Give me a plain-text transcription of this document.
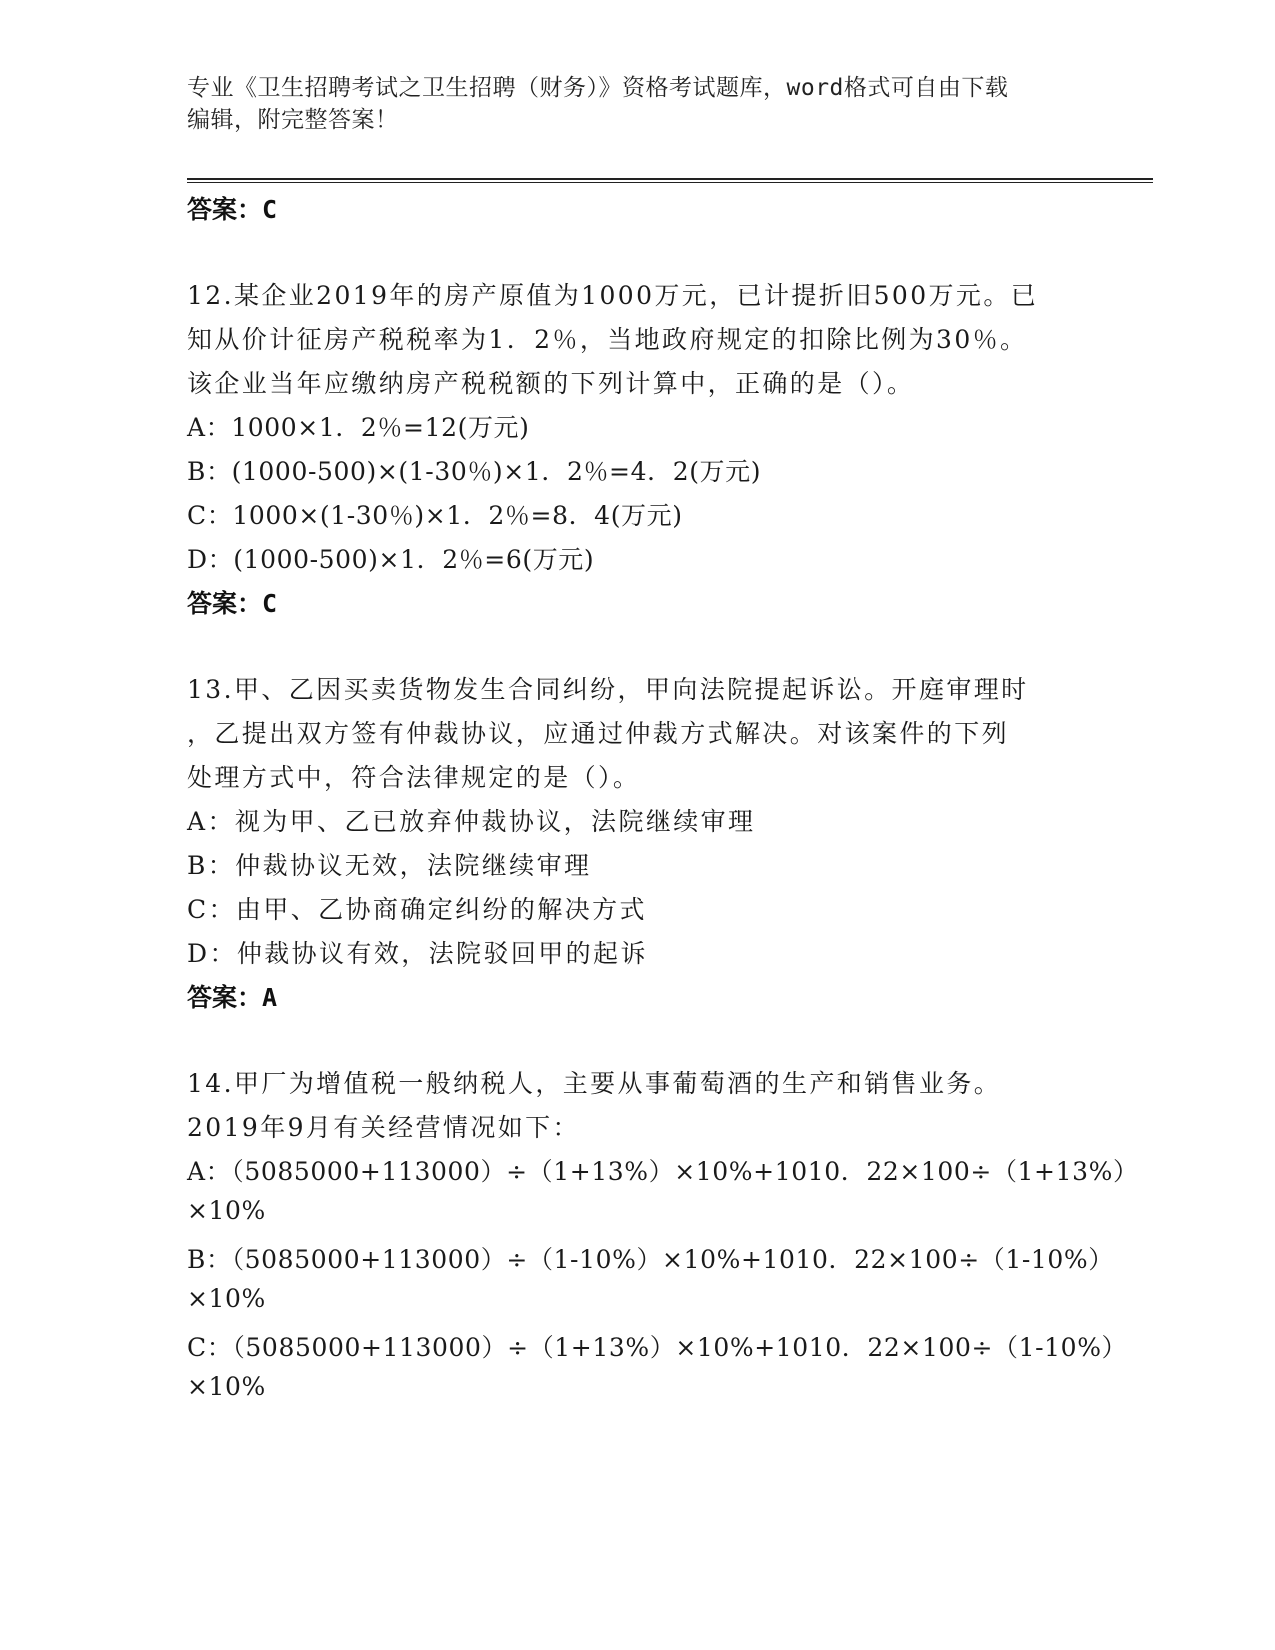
专业《卫生招聘考试之卫生招聘（财务）》资格考试题库，word格式可自由下载
编辑，附完整答案！
答案：C
12.某企业2019年的房产原值为1000万元，已计提折旧500万元。已
知从价计征房产税税率为1．2％，当地政府规定的扣除比例为30％。
该企业当年应缴纳房产税税额的下列计算中，正确的是（）。
A：1000×1．2％=12(万元)
B：(1000-500)×(1-30％)×1．2％=4．2(万元)
C：1000×(1-30％)×1．2％=8．4(万元)
D：(1000-500)×1．2％=6(万元)
答案：C
13.甲、乙因买卖货物发生合同纠纷，甲向法院提起诉讼。开庭审理时
，乙提出双方签有仲裁协议，应通过仲裁方式解决。对该案件的下列
处理方式中，符合法律规定的是（）。
A：视为甲、乙已放弃仲裁协议，法院继续审理
B：仲裁协议无效，法院继续审理
C：由甲、乙协商确定纠纷的解决方式
D：仲裁协议有效，法院驳回甲的起诉
答案：A
14.甲厂为增值税一般纳税人，主要从事葡萄酒的生产和销售业务。
2019年9月有关经营情况如下：
A：（5085000+113000）÷（1+13%）×10%+1010．22×100÷（1+13%）
×10%
B：（5085000+113000）÷（1-10%）×10%+1010．22×100÷（1-10%）
×10%
C：（5085000+113000）÷（1+13%）×10%+1010．22×100÷（1-10%）
×10%
